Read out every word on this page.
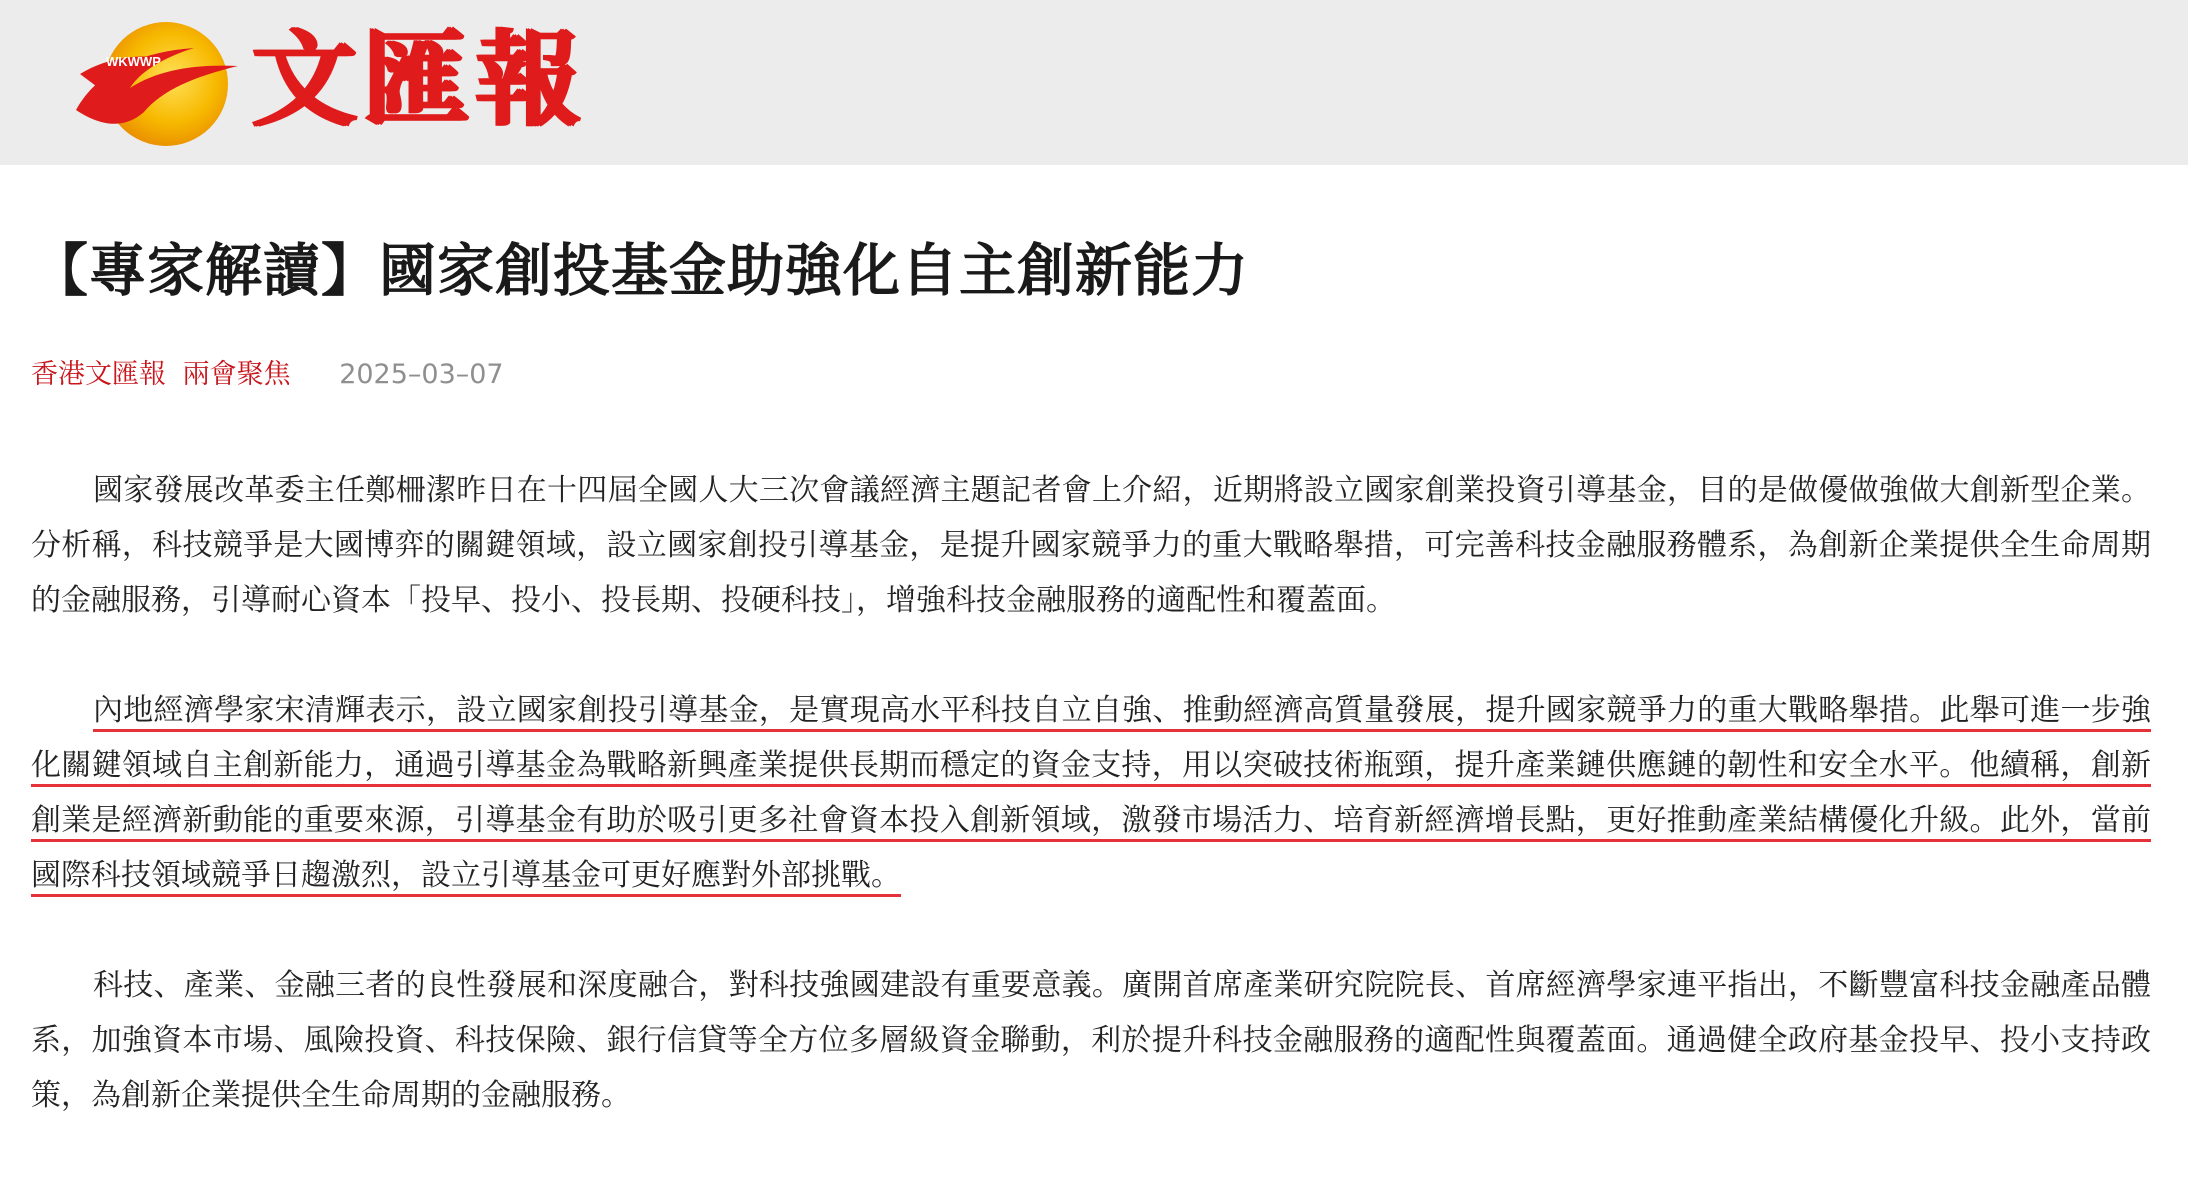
WKWWP 文匯報
【專家解讀】國家創投基金助強化自主創新能力
香港文匯報 兩會聚焦 2025–03–07

國家發展改革委主任鄭柵潔昨日在十四屆全國人大三次會議經濟主題記者會上介紹，近期將設立國家創業投資引導基金，目的是做優做強做大創新型企業。分析稱，科技競爭是大國博弈的關鍵領域，設立國家創投引導基金，是提升國家競爭力的重大戰略舉措，可完善科技金融服務體系，為創新企業提供全生命周期的金融服務，引導耐心資本「投早、投小、投長期、投硬科技」，增強科技金融服務的適配性和覆蓋面。

內地經濟學家宋清輝表示，設立國家創投引導基金，是實現高水平科技自立自強、推動經濟高質量發展，提升國家競爭力的重大戰略舉措。此舉可進一步強化關鍵領域自主創新能力，通過引導基金為戰略新興產業提供長期而穩定的資金支持，用以突破技術瓶頸，提升產業鏈供應鏈的韌性和安全水平。他續稱，創新創業是經濟新動能的重要來源，引導基金有助於吸引更多社會資本投入創新領域，激發市場活力、培育新經濟增長點，更好推動產業結構優化升級。此外，當前國際科技領域競爭日趨激烈，設立引導基金可更好應對外部挑戰。

科技、產業、金融三者的良性發展和深度融合，對科技強國建設有重要意義。廣開首席產業研究院院長、首席經濟學家連平指出，不斷豐富科技金融產品體系，加強資本市場、風險投資、科技保險、銀行信貸等全方位多層級資金聯動，利於提升科技金融服務的適配性與覆蓋面。通過健全政府基金投早、投小支持政策，為創新企業提供全生命周期的金融服務。
